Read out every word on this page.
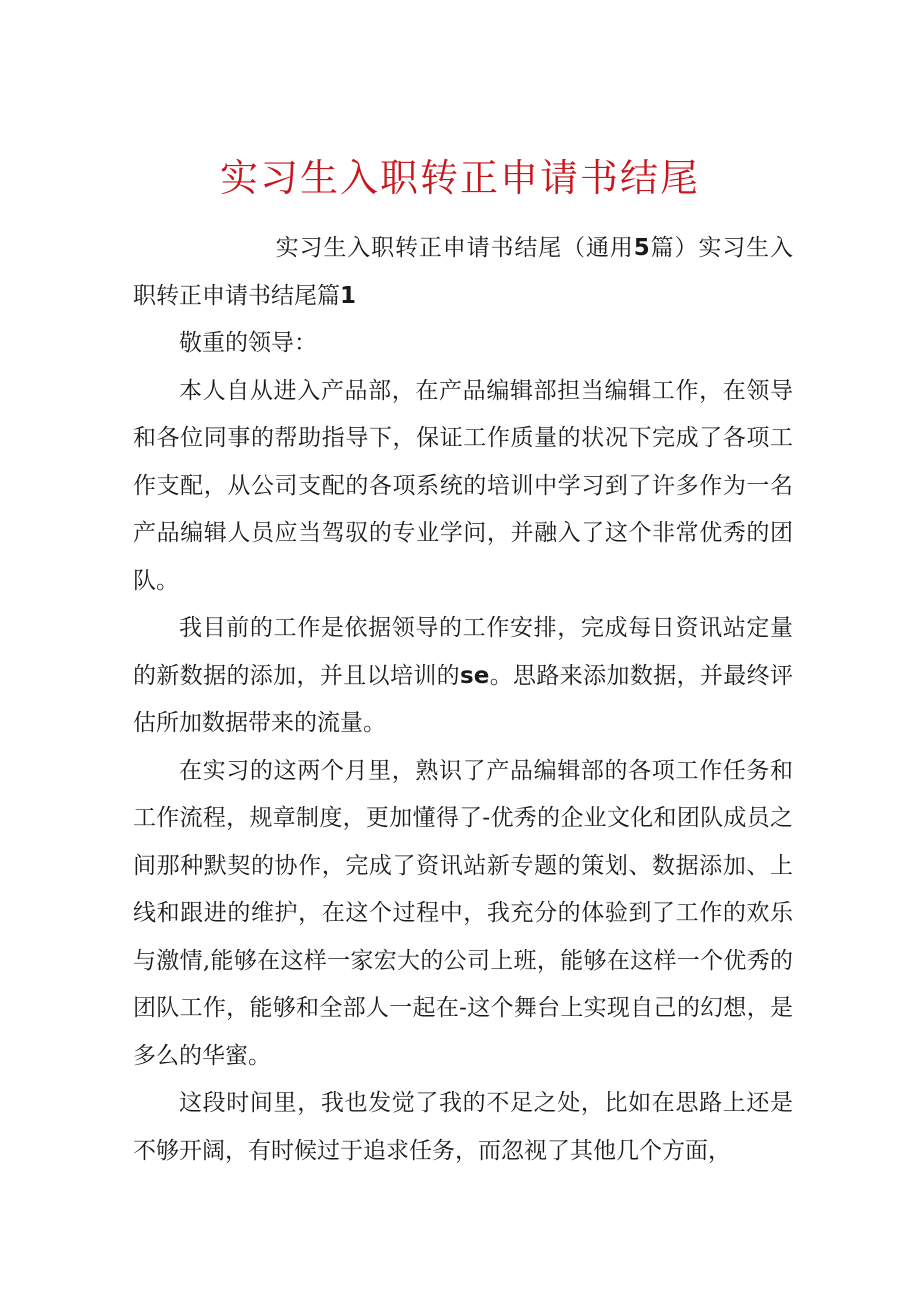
实习生入职转正申请书结尾

实习生入职转正申请书结尾（通用5篇）实习生入职转正申请书结尾篇1

敬重的领导：

本人自从进入产品部，在产品编辑部担当编辑工作，在领导和各位同事的帮助指导下，保证工作质量的状况下完成了各项工作支配，从公司支配的各项系统的培训中学习到了许多作为一名产品编辑人员应当驾驭的专业学问，并融入了这个非常优秀的团队。

我目前的工作是依据领导的工作安排，完成每日资讯站定量的新数据的添加，并且以培训的se。思路来添加数据，并最终评估所加数据带来的流量。

在实习的这两个月里，熟识了产品编辑部的各项工作任务和工作流程，规章制度，更加懂得了-优秀的企业文化和团队成员之间那种默契的协作，完成了资讯站新专题的策划、数据添加、上线和跟进的维护，在这个过程中，我充分的体验到了工作的欢乐与激情,能够在这样一家宏大的公司上班，能够在这样一个优秀的团队工作，能够和全部人一起在-这个舞台上实现自己的幻想，是多么的华蜜。

这段时间里，我也发觉了我的不足之处，比如在思路上还是不够开阔，有时候过于追求任务，而忽视了其他几个方面，
